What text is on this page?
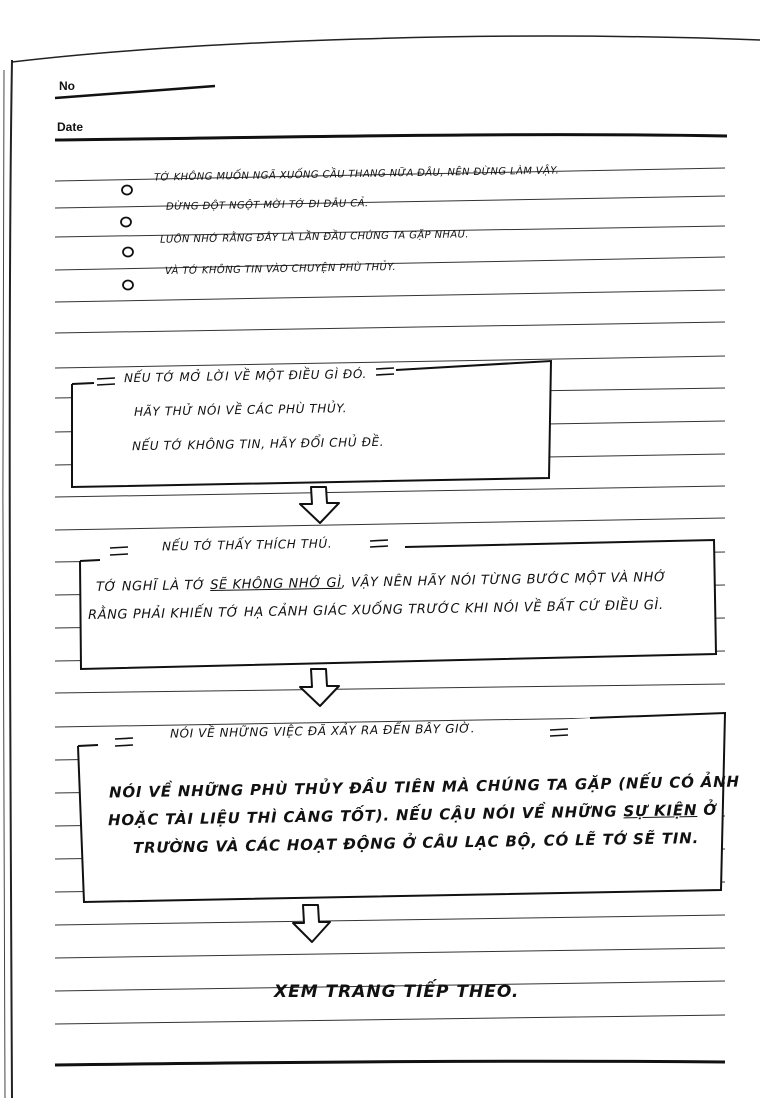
No
Date
TỚ KHÔNG MUỐN NGÃ XUỐNG CẦU THANG NỮA ĐÂU, NÊN ĐỪNG LÀM VẬY.
ĐỪNG ĐỘT NGỘT MỜI TỚ ĐI ĐÂU CẢ.
LUÔN NHỚ RẰNG ĐÂY LÀ LẦN ĐẦU CHÚNG TA GẶP NHAU.
VÀ TỚ KHÔNG TIN VÀO CHUYỆN PHÙ THỦY.
NẾU TỚ MỞ LỜI VỀ MỘT ĐIỀU GÌ ĐÓ.
HÃY THỬ NÓI VỀ CÁC PHÙ THỦY.
NẾU TỚ KHÔNG TIN, HÃY ĐỔI CHỦ ĐỀ.
NẾU TỚ THẤY THÍCH THÚ.
TỚ NGHĨ LÀ TỚ SẼ KHÔNG NHỚ GÌ, VẬY NÊN HÃY NÓI TỪNG BƯỚC MỘT VÀ NHỚ
RẰNG PHẢI KHIẾN TỚ HẠ CẢNH GIÁC XUỐNG TRƯỚC KHI NÓI VỀ BẤT CỨ ĐIỀU GÌ.
NÓI VỀ NHỮNG VIỆC ĐÃ XẢY RA ĐẾN BÂY GIỜ.
NÓI VỀ NHỮNG PHÙ THỦY ĐẦU TIÊN MÀ CHÚNG TA GẶP (NẾU CÓ ẢNH
HOẶC TÀI LIỆU THÌ CÀNG TỐT). NẾU CẬU NÓI VỀ NHỮNG SỰ KIỆN Ở
TRƯỜNG VÀ CÁC HOẠT ĐỘNG Ở CÂU LẠC BỘ, CÓ LẼ TỚ SẼ TIN.
XEM TRANG TIẾP THEO.
